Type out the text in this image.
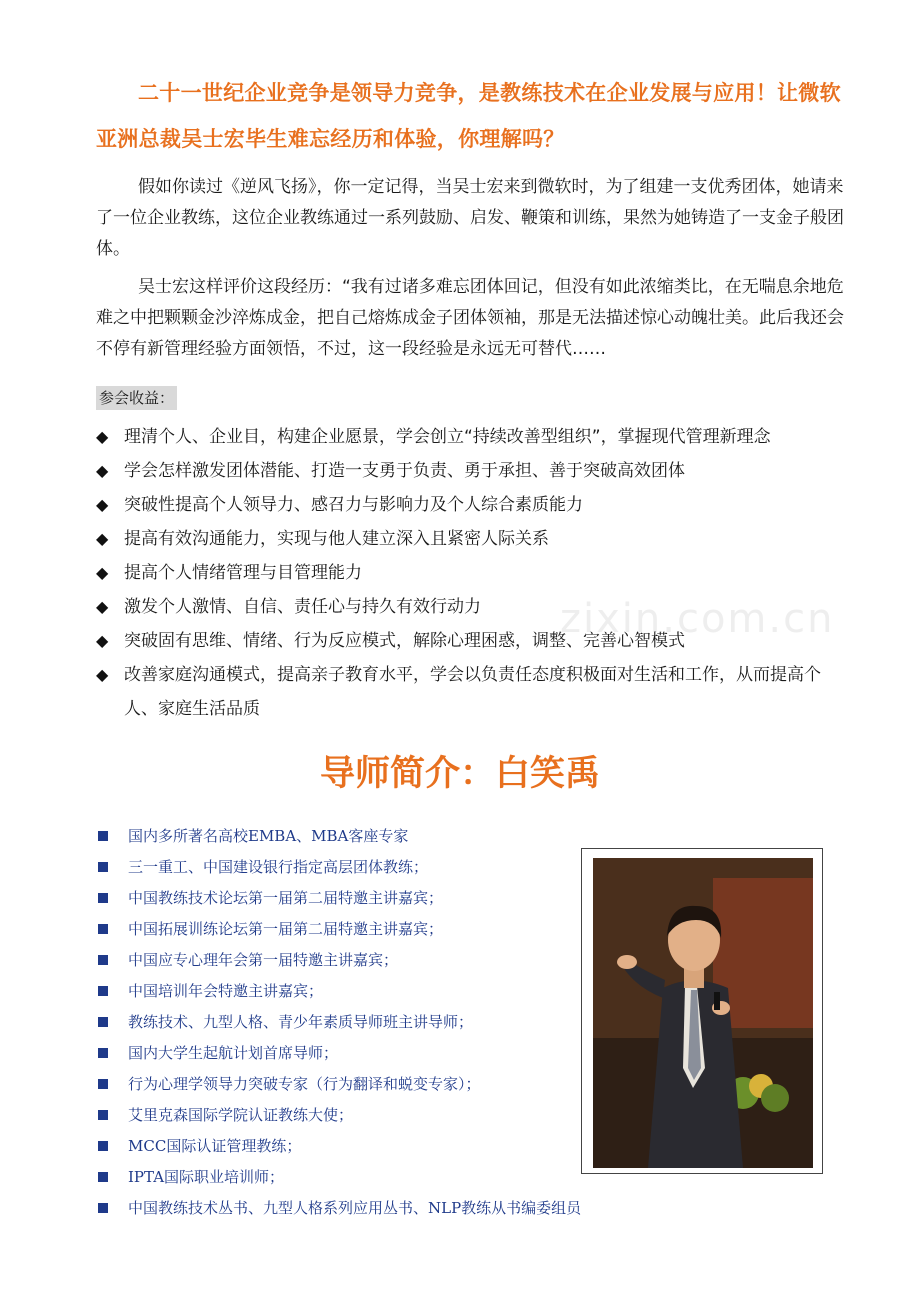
二十一世纪企业竞争是领导力竞争，是教练技术在企业发展与应用！让微软亚洲总裁吴士宏毕生难忘经历和体验，你理解吗？
假如你读过《逆风飞扬》，你一定记得，当吴士宏来到微软时，为了组建一支优秀团体，她请来了一位企业教练，这位企业教练通过一系列鼓励、启发、鞭策和训练，果然为她铸造了一支金子般团体。
吴士宏这样评价这段经历：“我有过诸多难忘团体回记，但没有如此浓缩类比，在无喘息余地危难之中把颗颗金沙淬炼成金，把自己熔炼成金子团体领袖，那是无法描述惊心动魄壮美。此后我还会不停有新管理经验方面领悟，不过，这一段经验是永远无可替代……
参会收益：
◆ 理清个人、企业目，构建企业愿景，学会创立“持续改善型组织”，掌握现代管理新理念
◆ 学会怎样激发团体潜能、打造一支勇于负责、勇于承担、善于突破高效团体
◆ 突破性提高个人领导力、感召力与影响力及个人综合素质能力
◆ 提高有效沟通能力，实现与他人建立深入且紧密人际关系
◆ 提高个人情绪管理与目管理能力
◆ 激发个人激情、自信、责任心与持久有效行动力
◆ 突破固有思维、情绪、行为反应模式，解除心理困惑，调整、完善心智模式
◆ 改善家庭沟通模式，提高亲子教育水平，学会以负责任态度积极面对生活和工作，从而提高个人、家庭生活品质
zixin.com.cn
导师简介：白笑禹
国内多所著名高校EMBA、MBA客座专家
三一重工、中国建设银行指定高层团体教练；
中国教练技术论坛第一届第二届特邀主讲嘉宾；
中国拓展训练论坛第一届第二届特邀主讲嘉宾；
中国应专心理年会第一届特邀主讲嘉宾；
中国培训年会特邀主讲嘉宾；
教练技术、九型人格、青少年素质导师班主讲导师；
国内大学生起航计划首席导师；
行为心理学领导力突破专家（行为翻译和蜕变专家）；
艾里克森国际学院认证教练大使；
MCC国际认证管理教练；
IPTA国际职业培训师；
中国教练技术丛书、九型人格系列应用丛书、NLP教练从书编委组员
